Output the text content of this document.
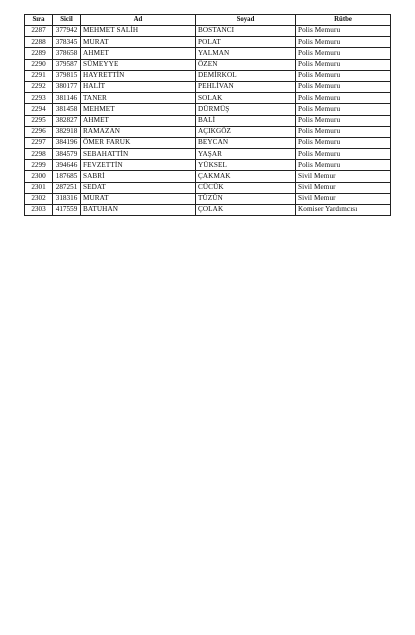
Sıra	Sicil	Ad	Soyad	Rütbe
2287	377942	MEHMET SALİH	BOSTANCI	Polis Memuru
2288	378345	MURAT	POLAT	Polis Memuru
2289	378658	AHMET	YALMAN	Polis Memuru
2290	379587	SÜMEYYE	ÖZEN	Polis Memuru
2291	379815	HAYRETTİN	DEMİRKOL	Polis Memuru
2292	380177	HALİT	PEHLİVAN	Polis Memuru
2293	381146	TANER	SOLAK	Polis Memuru
2294	381458	MEHMET	DÜRMÜŞ	Polis Memuru
2295	382827	AHMET	BALİ	Polis Memuru
2296	382918	RAMAZAN	AÇIKGÖZ	Polis Memuru
2297	384196	ÖMER FARUK	BEYCAN	Polis Memuru
2298	384579	SEBAHATTİN	YAŞAR	Polis Memuru
2299	394646	FEVZETTİN	YÜKSEL	Polis Memuru
2300	187685	SABRİ	ÇAKMAK	Sivil Memur
2301	287251	SEDAT	CÜCÜK	Sivil Memur
2302	318316	MURAT	TÜZÜN	Sivil Memur
2303	417559	BATUHAN	ÇOLAK	Komiser Yardımcısı
